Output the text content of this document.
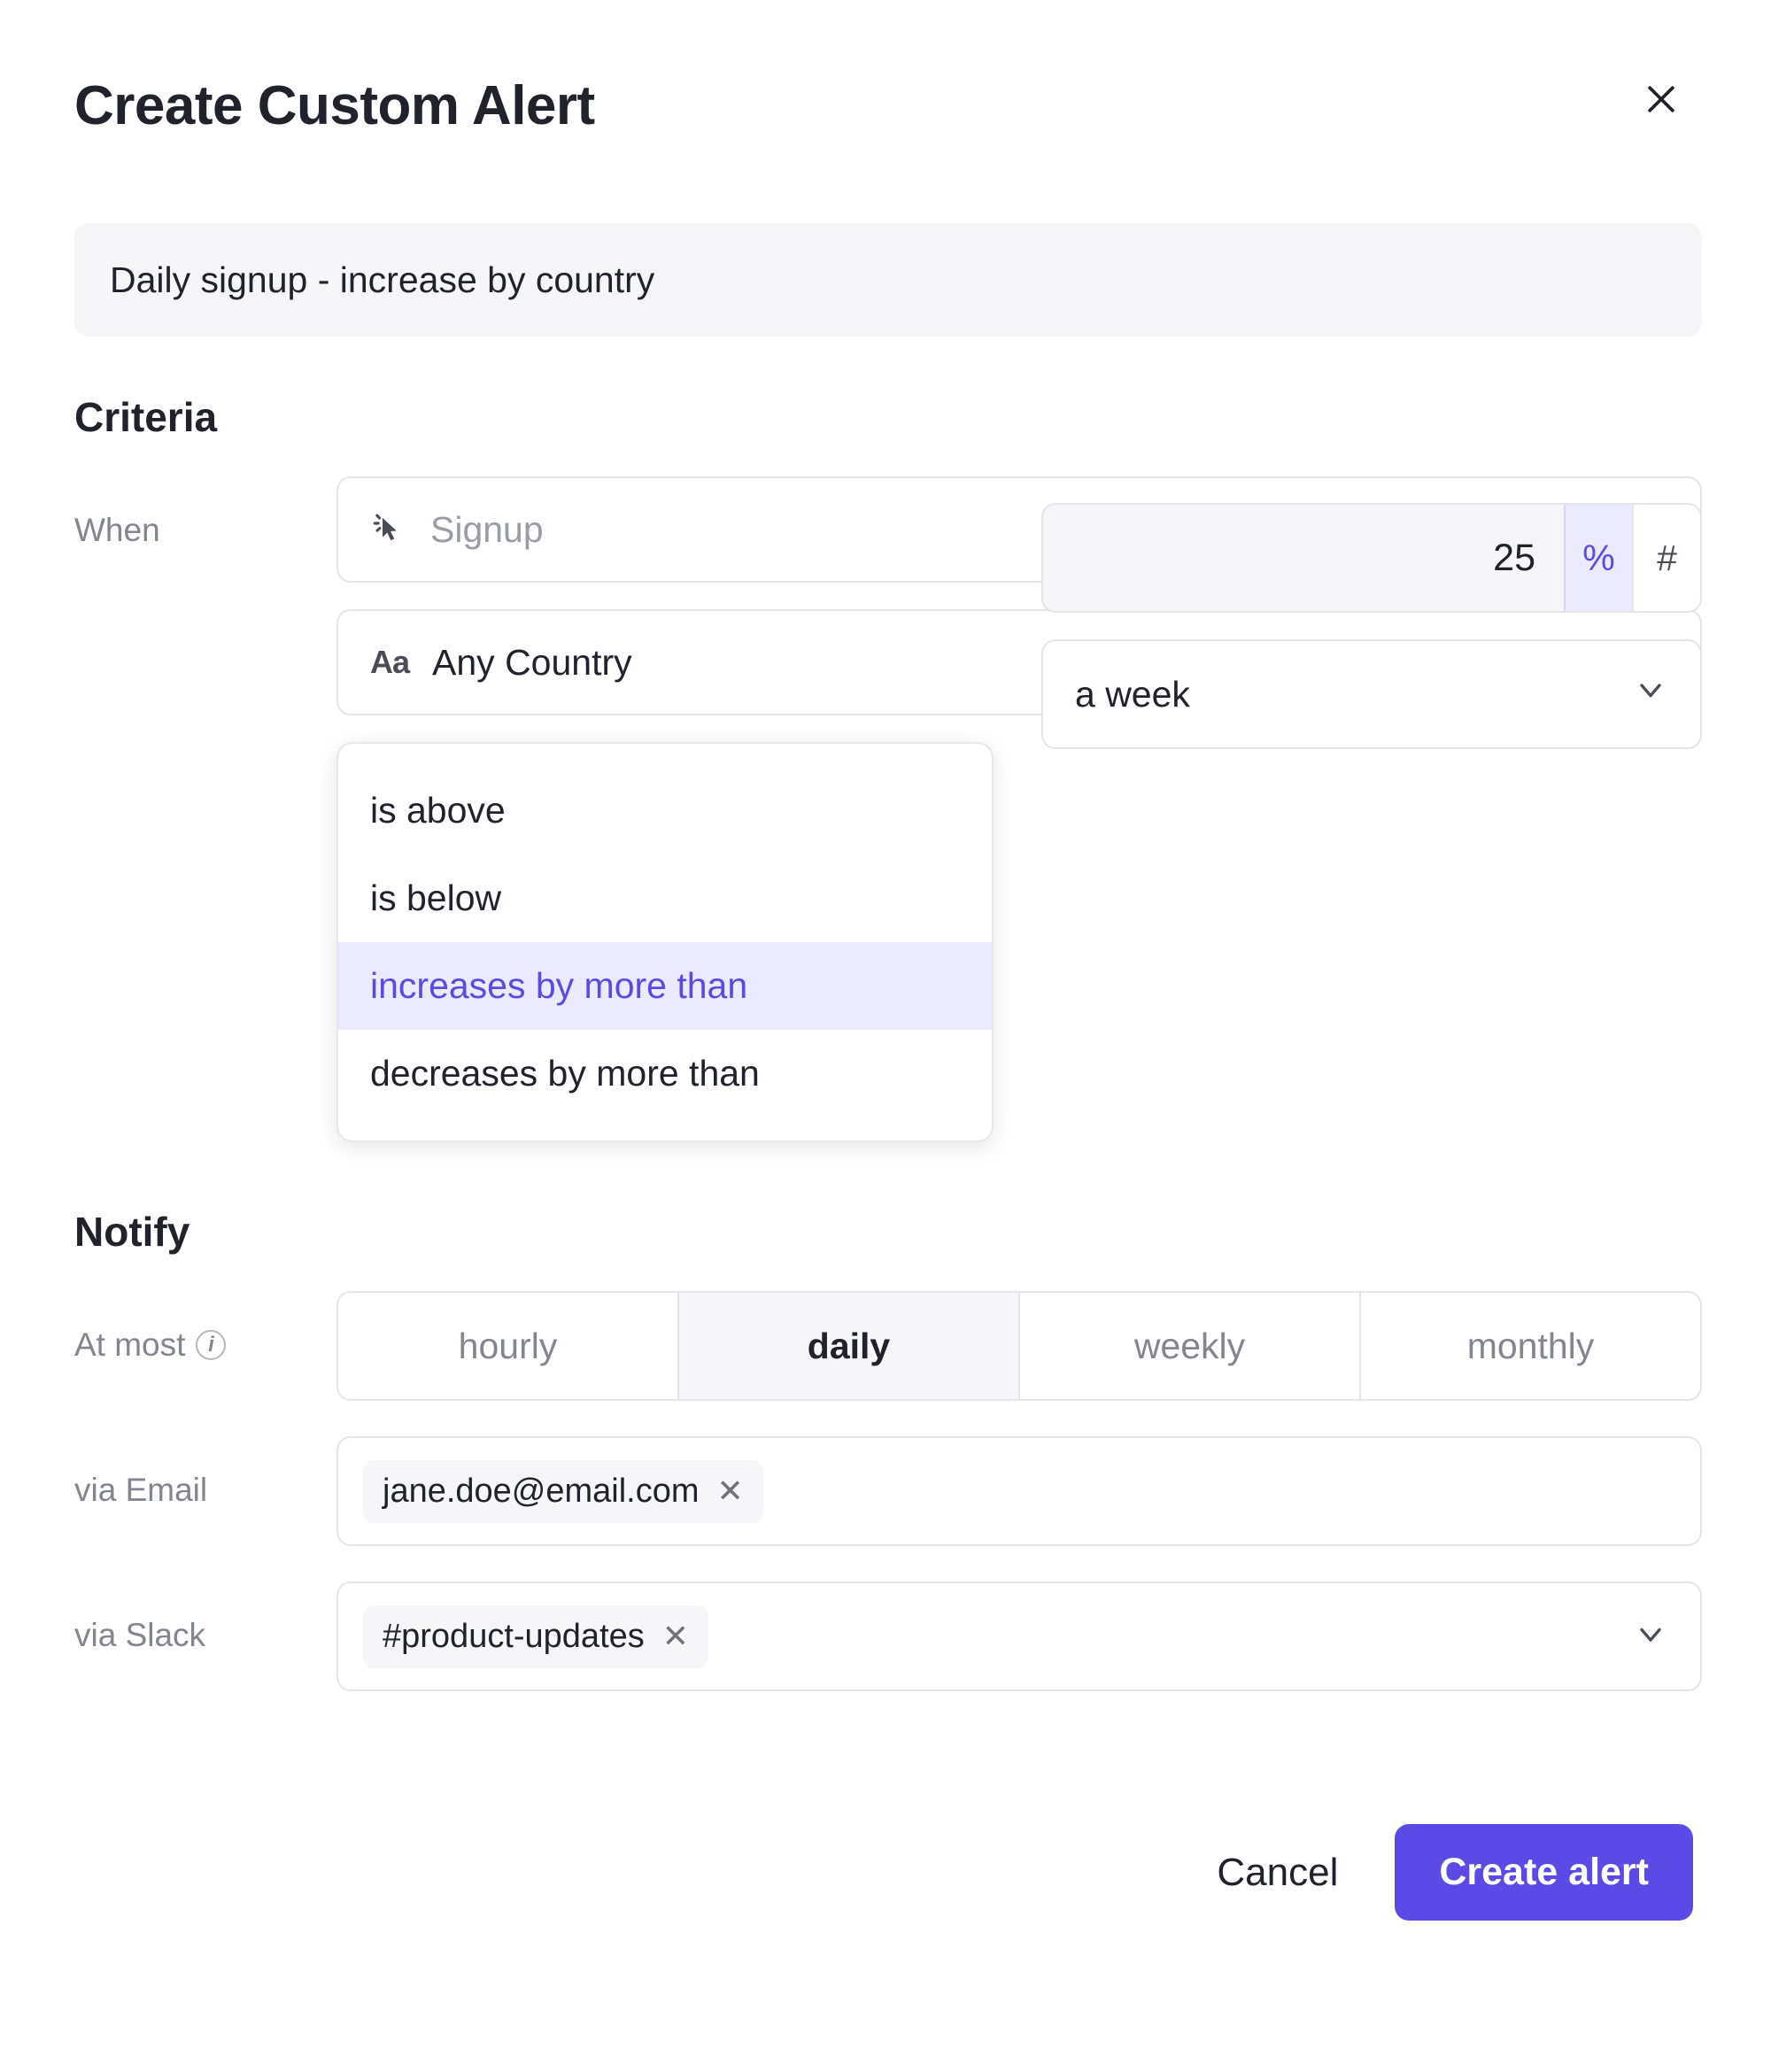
Create Custom Alert
Daily signup - increase by country
Criteria
When	Signup
Aa Any Country
is above
is below
increases by more than
decreases by more than
25
%	#
a week
Notify
At most	i	hourly	daily	weekly	monthly
via Email	jane.doe@email.com ✕
via Slack	#product-updates ✕
Cancel	Create alert
